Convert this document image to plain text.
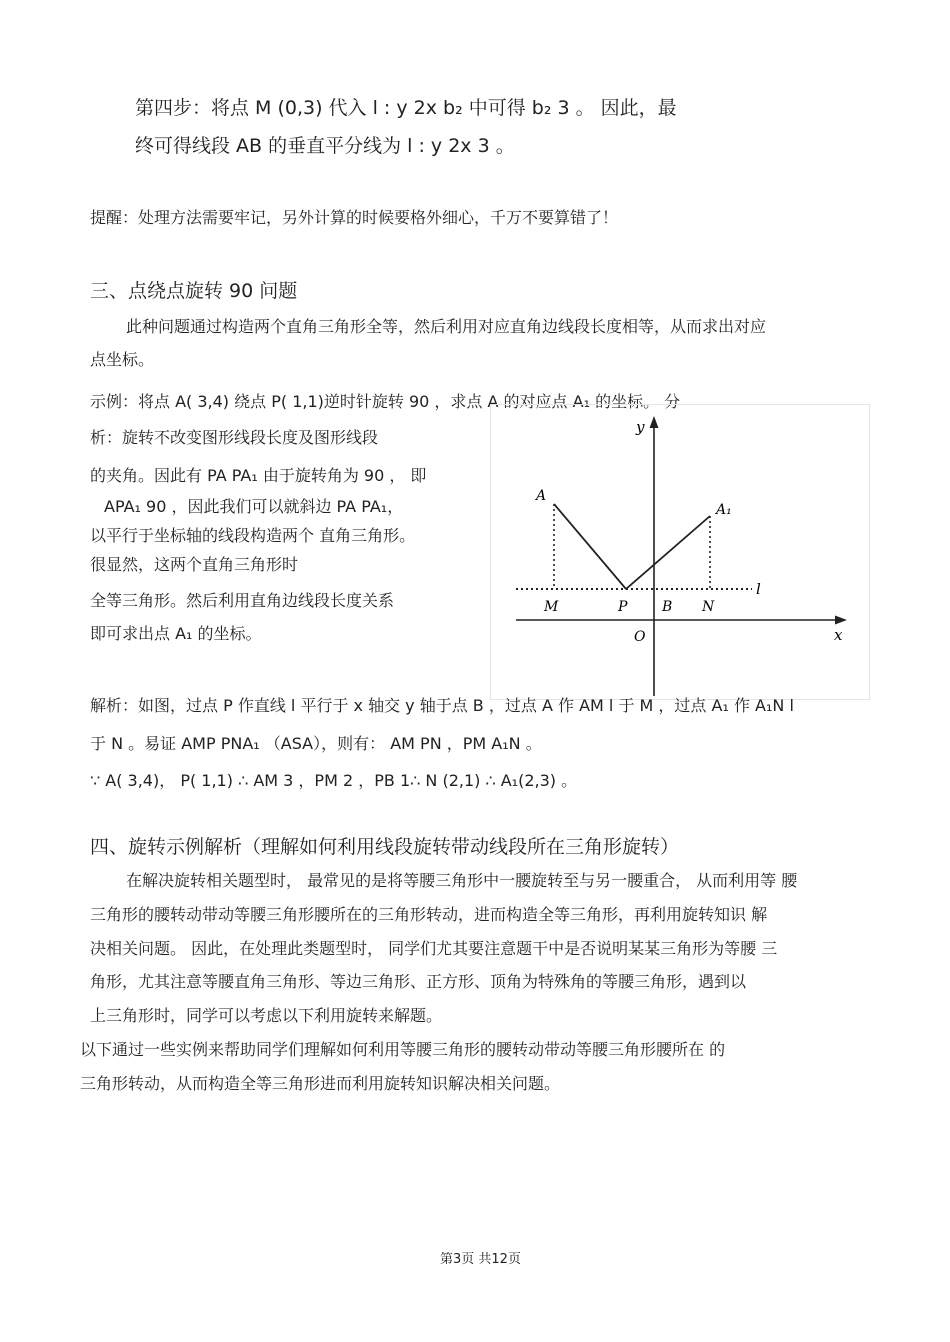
第四步：将点 M (0,3) 代入 l : y 2x b₂ 中可得 b₂ 3 。 因此，最
终可得线段 AB 的垂直平分线为 l : y 2x 3 。
提醒：处理方法需要牢记，另外计算的时候要格外细心，千万不要算错了！
三、点绕点旋转 90 问题
此种问题通过构造两个直角三角形全等，然后利用对应直角边线段长度相等，从而求出对应
点坐标。
示例：将点 A( 3,4) 绕点 P( 1,1)逆时针旋转 90 ，求点 A 的对应点 A₁ 的坐标。 分
析：旋转不改变图形线段长度及图形线段
的夹角。因此有 PA PA₁ 由于旋转角为 90 ， 即
APA₁ 90 ，因此我们可以就斜边 PA PA₁，
以平行于坐标轴的线段构造两个 直角三角形。
很显然，这两个直角三角形时
全等三角形。然后利用直角边线段长度关系
即可求出点 A₁ 的坐标。
y
x
O
A
A₁
M	P B N
l
解析：如图，过点 P 作直线 l 平行于 x 轴交 y 轴于点 B ，过点 A 作 AM l 于 M ，过点 A₁ 作 A₁N l
于 N 。易证 AMP PNA₁ （ASA），则有： AM PN ，PM A₁N 。
∵ A( 3,4)， P( 1,1) ∴ AM 3 ，PM 2 ，PB 1∴ N (2,1) ∴ A₁(2,3) 。
四、旋转示例解析（理解如何利用线段旋转带动线段所在三角形旋转）
在解决旋转相关题型时， 最常见的是将等腰三角形中一腰旋转至与另一腰重合， 从而利用等 腰
三角形的腰转动带动等腰三角形腰所在的三角形转动，进而构造全等三角形，再利用旋转知识 解
决相关问题。 因此，在处理此类题型时， 同学们尤其要注意题干中是否说明某某三角形为等腰 三
角形，尤其注意等腰直角三角形、等边三角形、正方形、顶角为特殊角的等腰三角形，遇到以
上三角形时，同学可以考虑以下利用旋转来解题。
以下通过一些实例来帮助同学们理解如何利用等腰三角形的腰转动带动等腰三角形腰所在 的
三角形转动，从而构造全等三角形进而利用旋转知识解决相关问题。
第3页 共12页
